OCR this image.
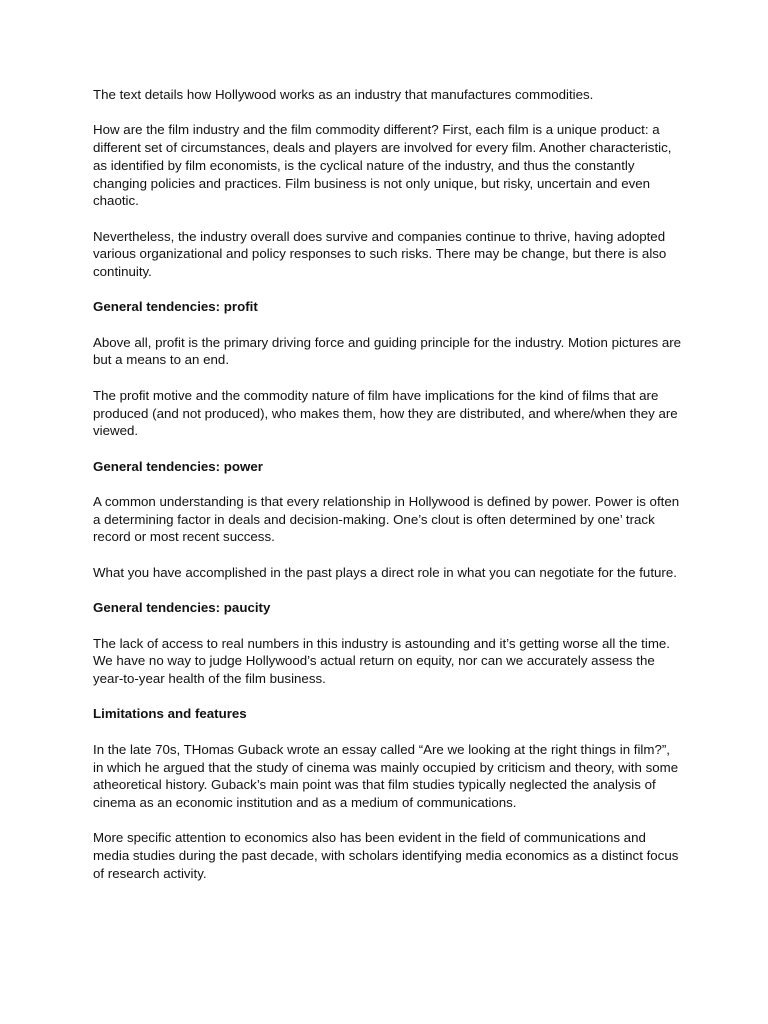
The text details how Hollywood works as an industry that manufactures commodities.

How are the film industry and the film commodity different? First, each film is a unique product: a different set of circumstances, deals and players are involved for every film. Another characteristic, as identified by film economists, is the cyclical nature of the industry, and thus the constantly changing policies and practices. Film business is not only unique, but risky, uncertain and even chaotic.

Nevertheless, the industry overall does survive and companies continue to thrive, having adopted various organizational and policy responses to such risks. There may be change, but there is also continuity.

General tendencies: profit

Above all, profit is the primary driving force and guiding principle for the industry. Motion pictures are but a means to an end.

The profit motive and the commodity nature of film have implications for the kind of films that are produced (and not produced), who makes them, how they are distributed, and where/when they are viewed.

General tendencies: power

A common understanding is that every relationship in Hollywood is defined by power. Power is often a determining factor in deals and decision-making. One’s clout is often determined by one’ track record or most recent success.

What you have accomplished in the past plays a direct role in what you can negotiate for the future.

General tendencies: paucity

The lack of access to real numbers in this industry is astounding and it’s getting worse all the time. We have no way to judge Hollywood’s actual return on equity, nor can we accurately assess the year-to-year health of the film business.

Limitations and features

In the late 70s, THomas Guback wrote an essay called “Are we looking at the right things in film?”, in which he argued that the study of cinema was mainly occupied by criticism and theory, with some atheoretical history. Guback’s main point was that film studies typically neglected the analysis of cinema as an economic institution and as a medium of communications.

More specific attention to economics also has been evident in the field of communications and media studies during the past decade, with scholars identifying media economics as a distinct focus of research activity.
